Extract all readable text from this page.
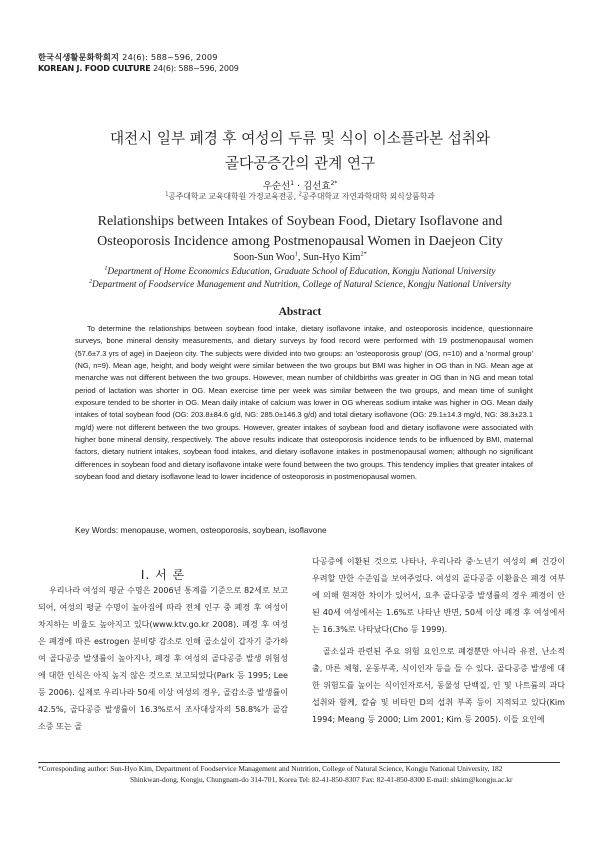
한국식생활문화학회지 24(6): 588~596, 2009
KOREAN J. FOOD CULTURE 24(6): 588~596, 2009
대전시 일부 폐경 후 여성의 두류 및 식이 이소플라본 섭취와
골다공증간의 관계 연구
우순선$^1$ · 김선효$^{2*}$
$^1$공주대학교 교육대학원 가정교육전공, $^2$공주대학교 자연과학대학 외식상품학과
Relationships between Intakes of Soybean Food, Dietary Isoflavone and
Osteoporosis Incidence among Postmenopausal Women in Daejeon City
Soon-Sun Woo$^1$, Sun-Hyo Kim$^{2*}$
$^1$Department of Home Economics Education, Graduate School of Education, Kongju National University
$^2$Department of Foodservice Management and Nutrition, College of Natural Science, Kongju National University
Abstract
To determine the relationships between soybean food intake, dietary isoflavone intake, and osteoporosis incidence, questionnaire surveys, bone mineral density measurements, and dietary surveys by food record were performed with 19 postmenopausal women (57.6±7.3 yrs of age) in Daejeon city. The subjects were divided into two groups: an 'osteoporosis group' (OG, n=10) and a 'normal group' (NG, n=9). Mean age, height, and body weight were similar between the two groups but BMI was higher in OG than in NG. Mean age at menarche was not different between the two groups. However, mean number of childbirths was greater in OG than in NG and mean total period of lactation was shorter in OG. Mean exercise time per week was similar between the two groups, and mean time of sunlight exposure tended to be shorter in OG. Mean daily intake of calcium was lower in OG whereas sodium intake was higher in OG. Mean daily intakes of total soybean food (OG: 203.8±84.6 g/d, NG: 285.0±146.3 g/d) and total dietary isoflavone (OG: 29.1±14.3 mg/d, NG: 38.3±23.1 mg/d) were not different between the two groups. However, greater intakes of soybean food and dietary isoflavone were associated with higher bone mineral density, respectively. The above results indicate that osteoporosis incidence tends to be influenced by BMI, maternal factors, dietary nutrient intakes, soybean food intakes, and dietary isoflavone intakes in postmenopausal women; although no significant differences in soybean food and dietary isoflavone intake were found between the two groups. This tendency implies that greater intakes of soybean food and dietary isoflavone lead to lower incidence of osteoporosis in postmenopausal women.
Key Words: menopause, women, osteoporosis, soybean, isoflavone
I. 서 론

우리나라 여성의 평균 수명은 2006년 통계를 기준으로 82세로 보고되어, 여성의 평균 수명이 높아짐에 따라 전체 인구 중 폐경 후 여성이 차지하는 비율도 높아지고 있다(www.ktv.go.kr 2008). 폐경 후 여성은 폐경에 따른 estrogen 분비량 감소로 인해 골소실이 갑자기 증가하여 골다공증 발생률이 높아지나, 폐경 후 여성의 골다공증 발생 위험성에 대한 인식은 아직 높지 않은 것으로 보고되었다(Park 등 1995; Lee 등 2006). 실제로 우리나라 50세 이상 여성의 경우, 골감소증 발생률이 42.5%, 골다공증 발생률이 16.3%로서 조사대상자의 58.8%가 골감소증 또는 골

다공증에 이환된 것으로 나타나, 우리나라 중·노년기 여성의 뼈 건강이 우려할 만한 수준임을 보여주었다. 여성의 골다공증 이환율은 폐경 여부에 의해 현저한 차이가 있어서, 요추 골다공증 발생률의 경우 폐경이 안 된 40세 여성에서는 1.6%로 나타난 반면, 50세 이상 폐경 후 여성에서는 16.3%로 나타났다(Cho 등 1999).

골소실과 관련된 주요 위험 요인으로 폐경뿐만 아니라 유전, 난소적출, 마른 체형, 운동부족, 식이인자 등을 들 수 있다. 골다공증 발생에 대한 위험도를 높이는 식이인자로서, 동물성 단백질, 인 및 나트륨의 과다 섭취와 함께, 칼슘 및 비타민 D의 섭취 부족 등이 지적되고 있다(Kim 1994; Meang 등 2000; Lim 2001; Kim 등 2005). 이들 요인에

*Corresponding author: Sun-Hyo Kim, Department of Foodservice Management and Nutrition, College of Natural Science, Kongju National University, 182
Shinkwan-dong, Kongju, Chungnam-do 314-701, Korea Tel: 82-41-850-8307 Fax: 82-41-850-8300 E-mail: shkim@kongju.ac.kr
